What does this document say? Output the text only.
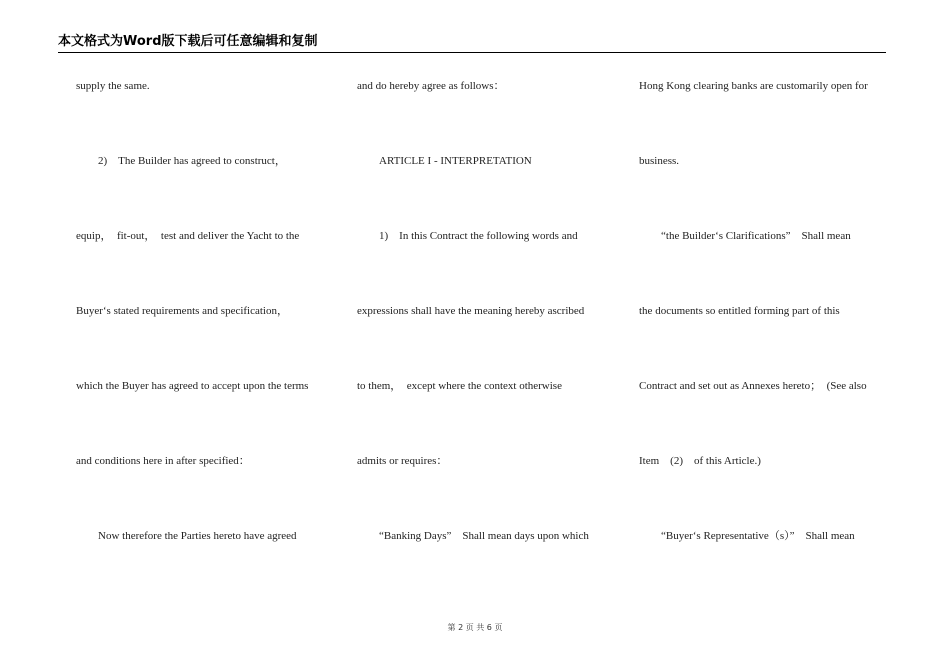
本文格式为Word版下载后可任意编辑和复制
supply the same.
　　2)　The Builder has agreed to construct，
equip，　fit-out，　test and deliver the Yacht to the
Buyer‘s stated requirements and specification，
which the Buyer has agreed to accept upon the terms
and conditions here in after specified：
　　Now therefore the Parties hereto have agreed
and do hereby agree as follows：
　　ARTICLE I - INTERPRETATION
　　1)　In this Contract the following words and
expressions shall have the meaning hereby ascribed
to them，　except where the context otherwise
admits or requires：
　　“Banking Days”　Shall mean days upon which
Hong Kong clearing banks are customarily open for
business.
　　“the Builder‘s Clarifications”　Shall mean
the documents so entitled forming part of this
Contract and set out as Annexes hereto；　(See also
Item　(2)　of this Article.)
　　“Buyer‘s Representative（s）”　Shall mean
第 2 页 共 6 页
